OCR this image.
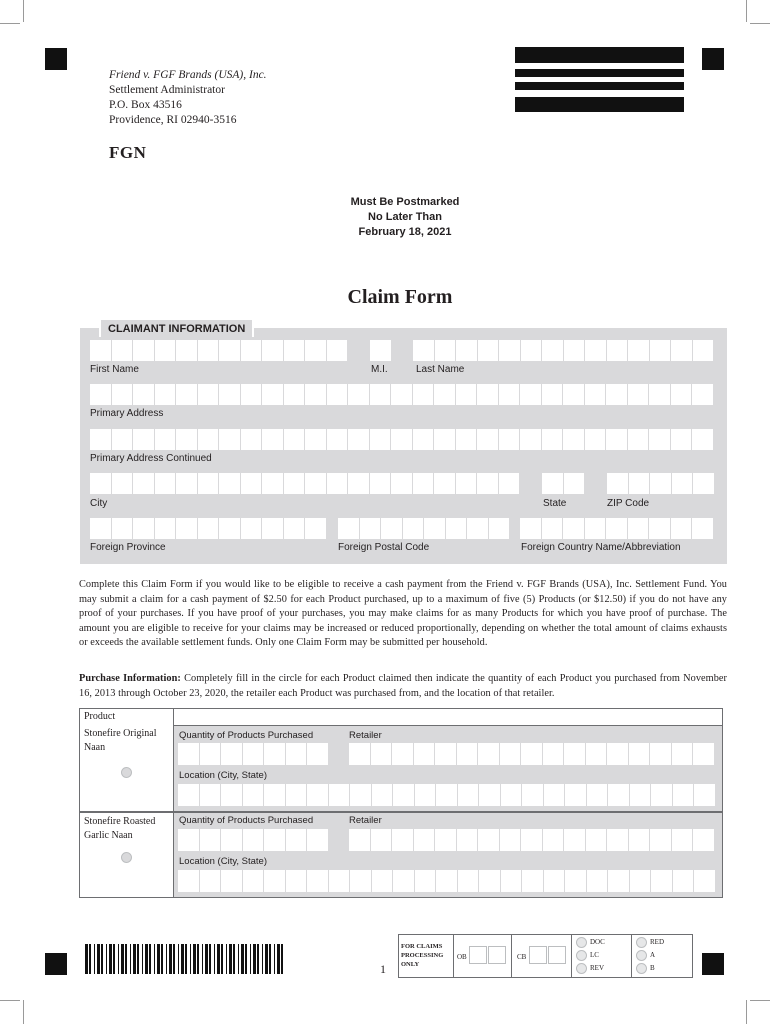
Friend v. FGF Brands (USA), Inc.
Settlement Administrator
P.O. Box 43516
Providence, RI 02940-3516
FGN
Must Be Postmarked
No Later Than
February 18, 2021
Claim Form
CLAIMANT INFORMATION
First Name	M.I.	Last Name
Primary Address
Primary Address Continued
City	State	ZIP Code
Foreign Province	Foreign Postal Code	Foreign Country Name/Abbreviation
Complete this Claim Form if you would like to be eligible to receive a cash payment from the Friend v. FGF Brands (USA), Inc. Settlement Fund. You may submit a claim for a cash payment of $2.50 for each Product purchased, up to a maximum of five (5) Products (or $12.50) if you do not have any proof of your purchases. If you have proof of your purchases, you may make claims for as many Products for which you have proof of purchase. The amount you are eligible to receive for your claims may be increased or reduced proportionally, depending on whether the total amount of claims exhausts or exceeds the available settlement funds. Only one Claim Form may be submitted per household.
Purchase Information: Completely fill in the circle for each Product claimed then indicate the quantity of each Product you purchased from November 16, 2013 through October 23, 2020, the retailer each Product was purchased from, and the location of that retailer.
Product
Stonefire Original Naan
Quantity of Products Purchased	Retailer
Location (City, State)
Stonefire Roasted Garlic Naan
Quantity of Products Purchased	Retailer
Location (City, State)
1
FOR CLAIMS PROCESSING ONLY
OB	CB
DOC
LC
REV
RED
A
B
